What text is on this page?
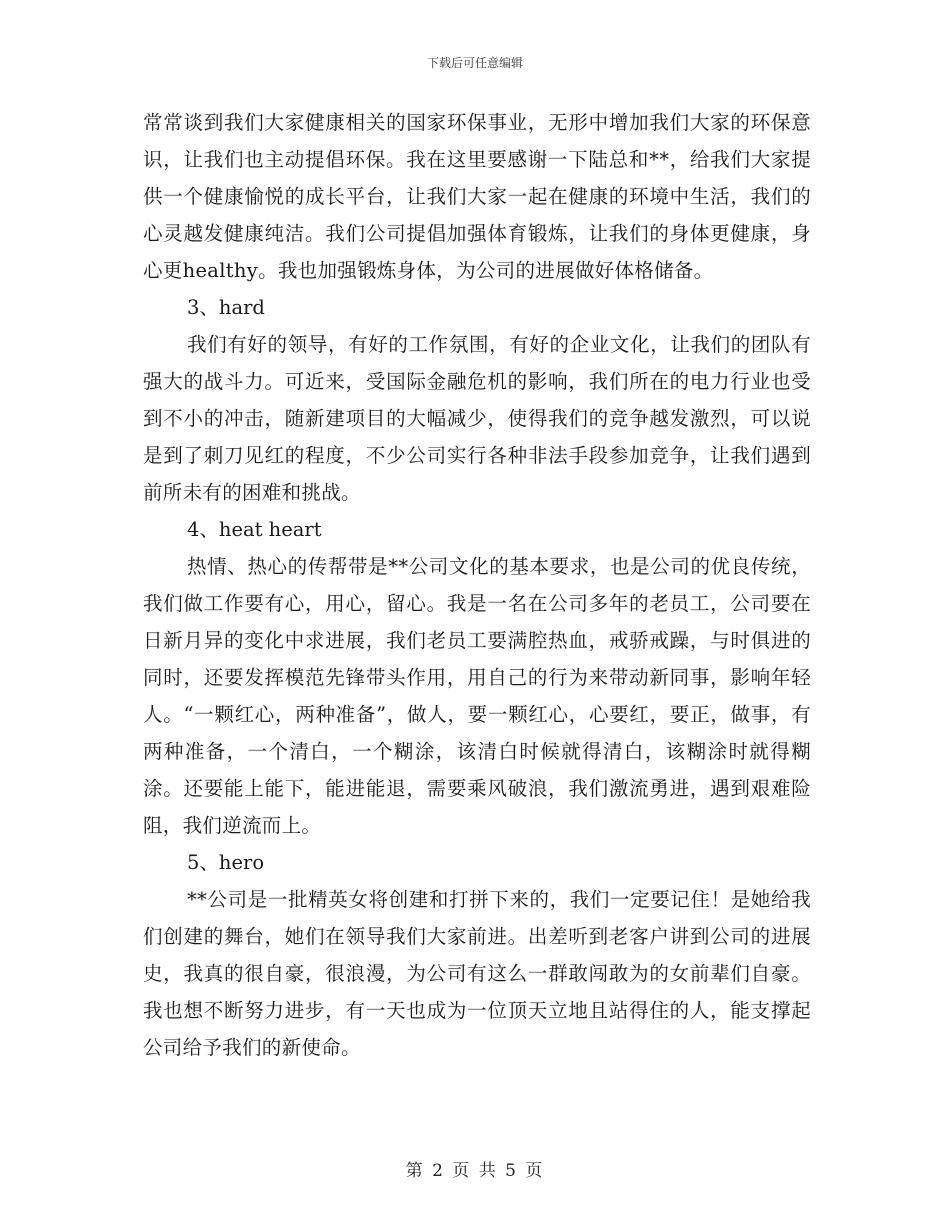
下载后可任意编辑

常常谈到我们大家健康相关的国家环保事业，无形中增加我们大家的环保意识，让我们也主动提倡环保。我在这里要感谢一下陆总和**，给我们大家提供一个健康愉悦的成长平台，让我们大家一起在健康的环境中生活，我们的心灵越发健康纯洁。我们公司提倡加强体育锻炼，让我们的身体更健康，身心更healthy。我也加强锻炼身体，为公司的进展做好体格储备。

3、hard

我们有好的领导，有好的工作氛围，有好的企业文化，让我们的团队有强大的战斗力。可近来，受国际金融危机的影响，我们所在的电力行业也受到不小的冲击，随新建项目的大幅减少，使得我们的竞争越发激烈，可以说是到了刺刀见红的程度，不少公司实行各种非法手段参加竞争，让我们遇到前所未有的困难和挑战。

4、heat heart

热情、热心的传帮带是**公司文化的基本要求，也是公司的优良传统，我们做工作要有心，用心，留心。我是一名在公司多年的老员工，公司要在日新月异的变化中求进展，我们老员工要满腔热血，戒骄戒躁，与时俱进的同时，还要发挥模范先锋带头作用，用自己的行为来带动新同事，影响年轻人。“一颗红心，两种准备”，做人，要一颗红心，心要红，要正，做事，有两种准备，一个清白，一个糊涂，该清白时候就得清白，该糊涂时就得糊涂。还要能上能下，能进能退，需要乘风破浪，我们激流勇进，遇到艰难险阻，我们逆流而上。

5、hero

**公司是一批精英女将创建和打拼下来的，我们一定要记住！是她给我们创建的舞台，她们在领导我们大家前进。出差听到老客户讲到公司的进展史，我真的很自豪，很浪漫，为公司有这么一群敢闯敢为的女前辈们自豪。我也想不断努力进步，有一天也成为一位顶天立地且站得住的人，能支撑起公司给予我们的新使命。

第 2 页 共 5 页
